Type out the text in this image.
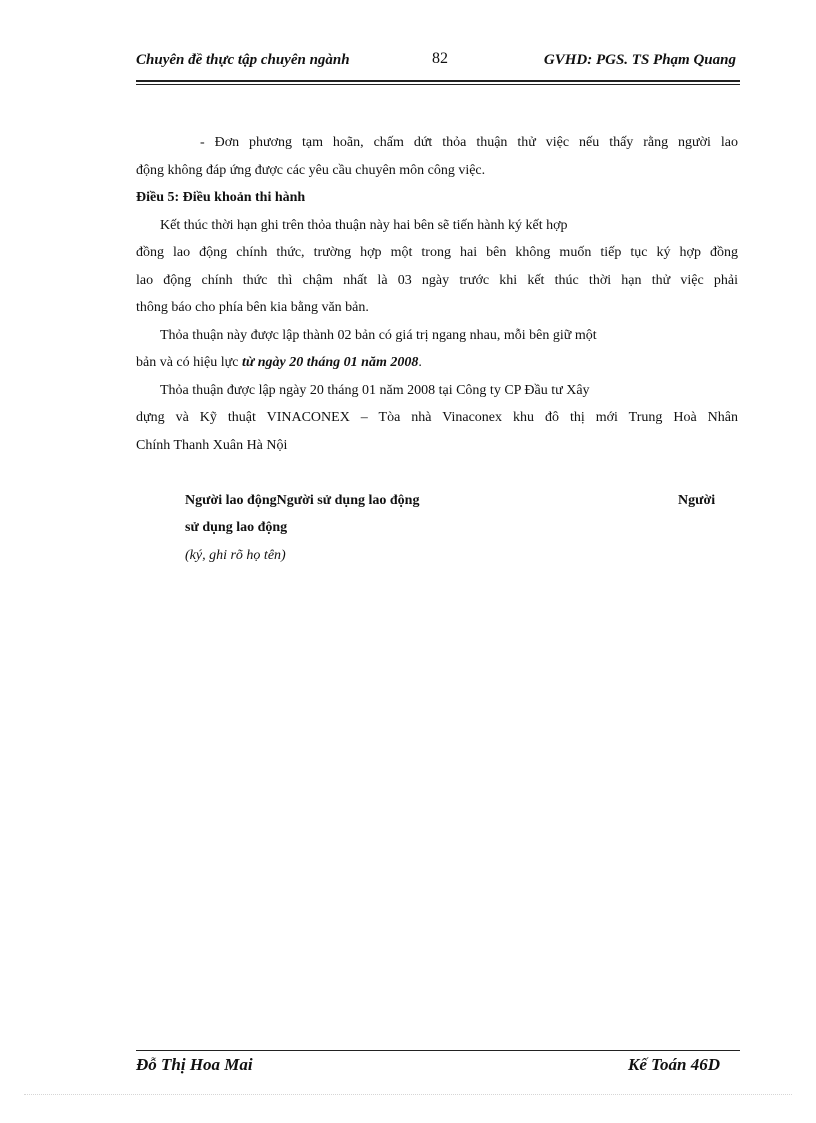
Chuyên đề thực tập chuyên ngành	82	GVHD: PGS. TS Phạm Quang
- Đơn phương tạm hoãn, chấm dứt thỏa thuận thử việc nếu thấy rằng người lao
động không đáp ứng được các yêu cầu chuyên môn công việc.
Điều 5: Điều khoản thi hành
Kết thúc thời hạn ghi trên thỏa thuận này hai bên sẽ tiến hành ký kết hợp
đồng lao động chính thức, trường hợp một trong hai bên không muốn tiếp tục ký hợp đồng
lao động chính thức thì chậm nhất là 03 ngày trước khi kết thúc thời hạn thử việc phải
thông báo cho phía bên kia bằng văn bản.
Thỏa thuận này được lập thành 02 bản có giá trị ngang nhau, mỗi bên giữ một
bản và có hiệu lực từ ngày 20 tháng 01 năm 2008.
Thỏa thuận được lập ngày 20 tháng 01 năm 2008 tại Công ty CP Đầu tư Xây
dựng và Kỹ thuật VINACONEX – Tòa nhà Vinaconex khu đô thị mới Trung Hoà Nhân
Chính Thanh Xuân Hà Nội
Người lao độngNgười sử dụng lao động	Người
sử dụng lao động
(ký, ghi rõ họ tên)
Đỗ Thị Hoa Mai	Kế Toán 46D
